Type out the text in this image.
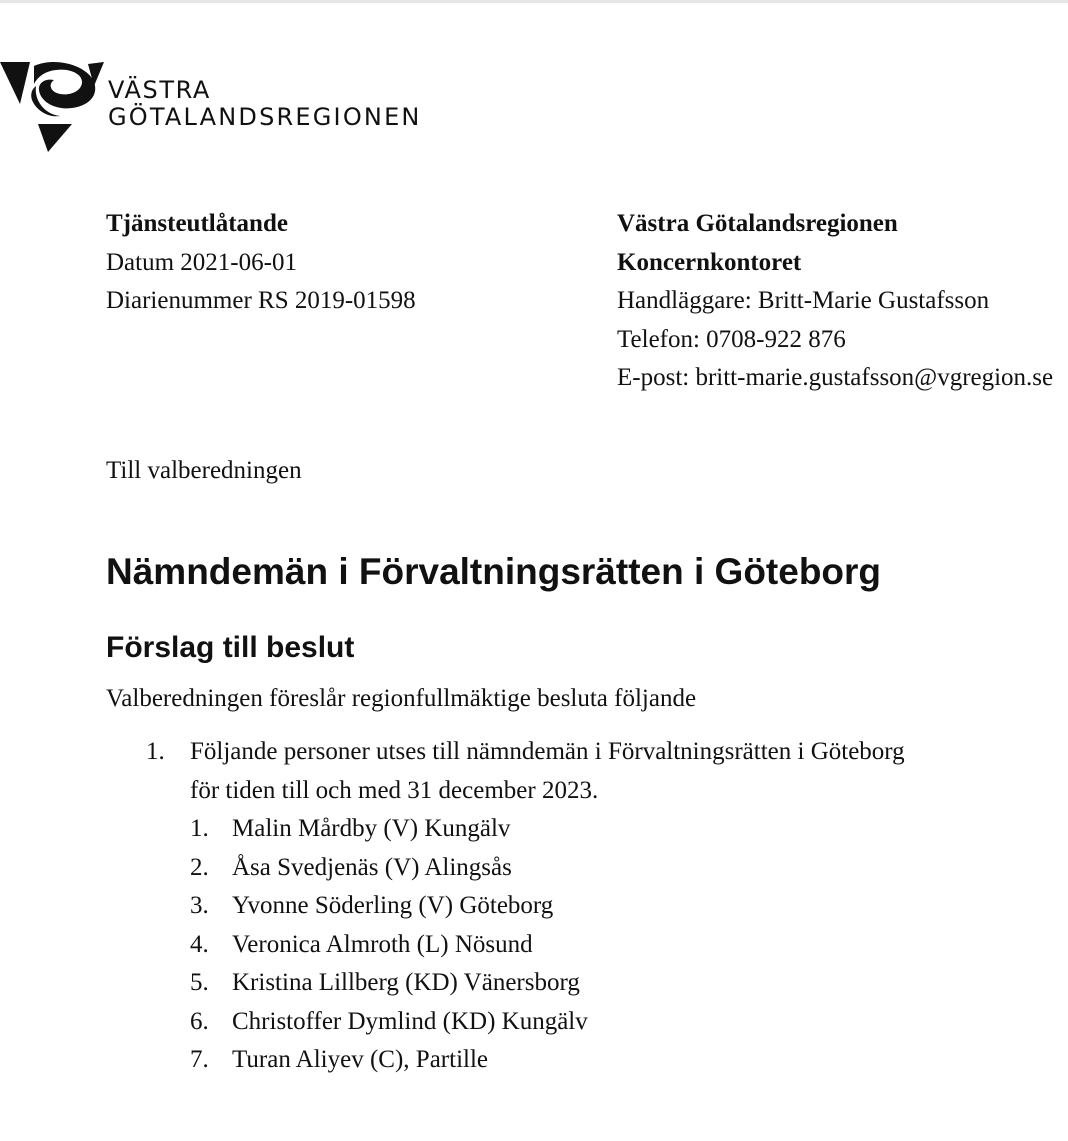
VÄSTRA
GÖTALANDSREGIONEN
Tjänsteutlåtande
Datum 2021-06-01
Diarienummer RS 2019-01598
Västra Götalandsregionen
Koncernkontoret
Handläggare: Britt-Marie Gustafsson
Telefon: 0708-922 876
E-post: britt-marie.gustafsson@vgregion.se
Till valberedningen
Nämndemän i Förvaltningsrätten i Göteborg
Förslag till beslut
Valberedningen föreslår regionfullmäktige besluta följande
1. Följande personer utses till nämndemän i Förvaltningsrätten i Göteborg
för tiden till och med 31 december 2023.
1. Malin Mårdby (V) Kungälv
2. Åsa Svedjenäs (V) Alingsås
3. Yvonne Söderling (V) Göteborg
4. Veronica Almroth (L) Nösund
5. Kristina Lillberg (KD) Vänersborg
6. Christoffer Dymlind (KD) Kungälv
7. Turan Aliyev (C), Partille
